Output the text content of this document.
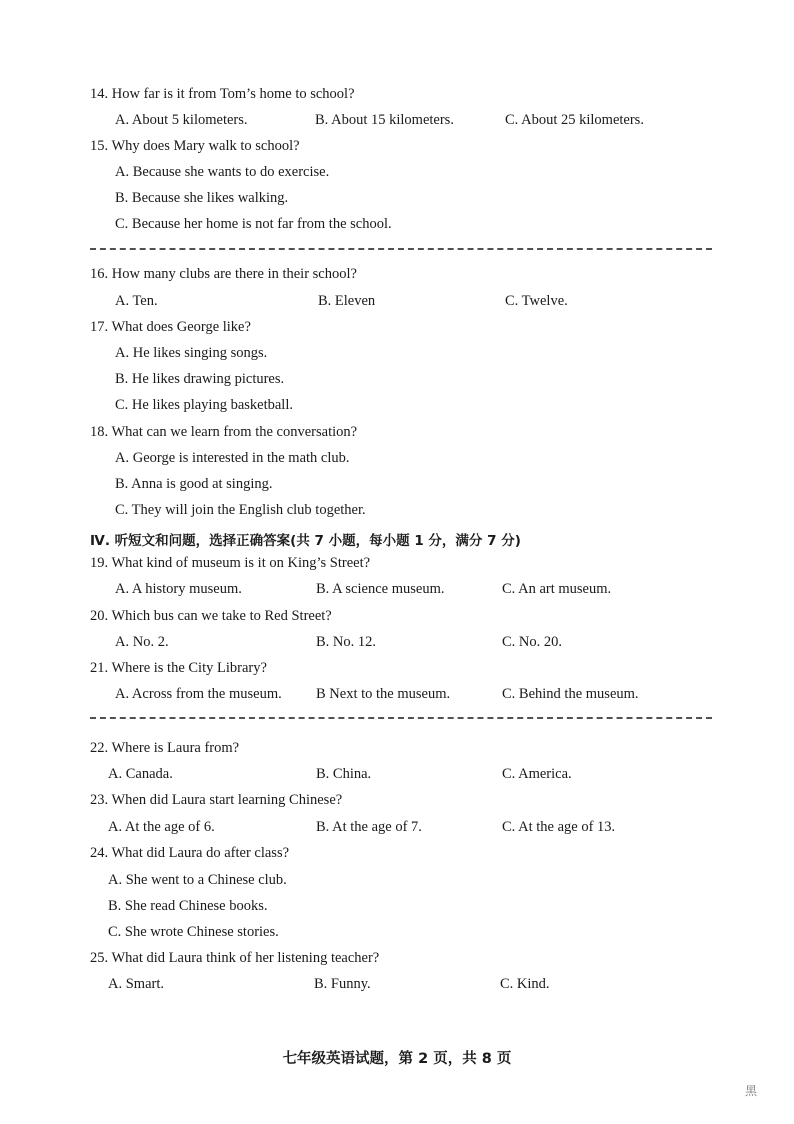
14. How far is it from Tom’s home to school?
A. About 5 kilometers.	B. About 15 kilometers.	C. About 25 kilometers.
15. Why does Mary walk to school?
A. Because she wants to do exercise.
B. Because she likes walking.
C. Because her home is not far from the school.
16. How many clubs are there in their school?
A. Ten.	B. Eleven	C. Twelve.
17. What does George like?
A. He likes singing songs.
B. He likes drawing pictures.
C. He likes playing basketball.
18. What can we learn from the conversation?
A. George is interested in the math club.
B. Anna is good at singing.
C. They will join the English club together.
Ⅳ. 听短文和问题，选择正确答案(共 7 小题，每小题 1 分，满分 7 分)
19. What kind of museum is it on King’s Street?
A. A history museum.	B. A science museum.	C. An art museum.
20. Which bus can we take to Red Street?
A. No. 2.	B. No. 12.	C. No. 20.
21. Where is the City Library?
A. Across from the museum. B Next to the museum.	C. Behind the museum.
22. Where is Laura from?
A. Canada.	B. China.	C. America.
23. When did Laura start learning Chinese?
A. At the age of 6.	B. At the age of 7.	C. At the age of 13.
24. What did Laura do after class?
A. She went to a Chinese club.
B. She read Chinese books.
C. She wrote Chinese stories.
25. What did Laura think of her listening teacher?
A. Smart.	B. Funny.	C. Kind.
七年级英语试题，第 2 页，共 8 页
黑
